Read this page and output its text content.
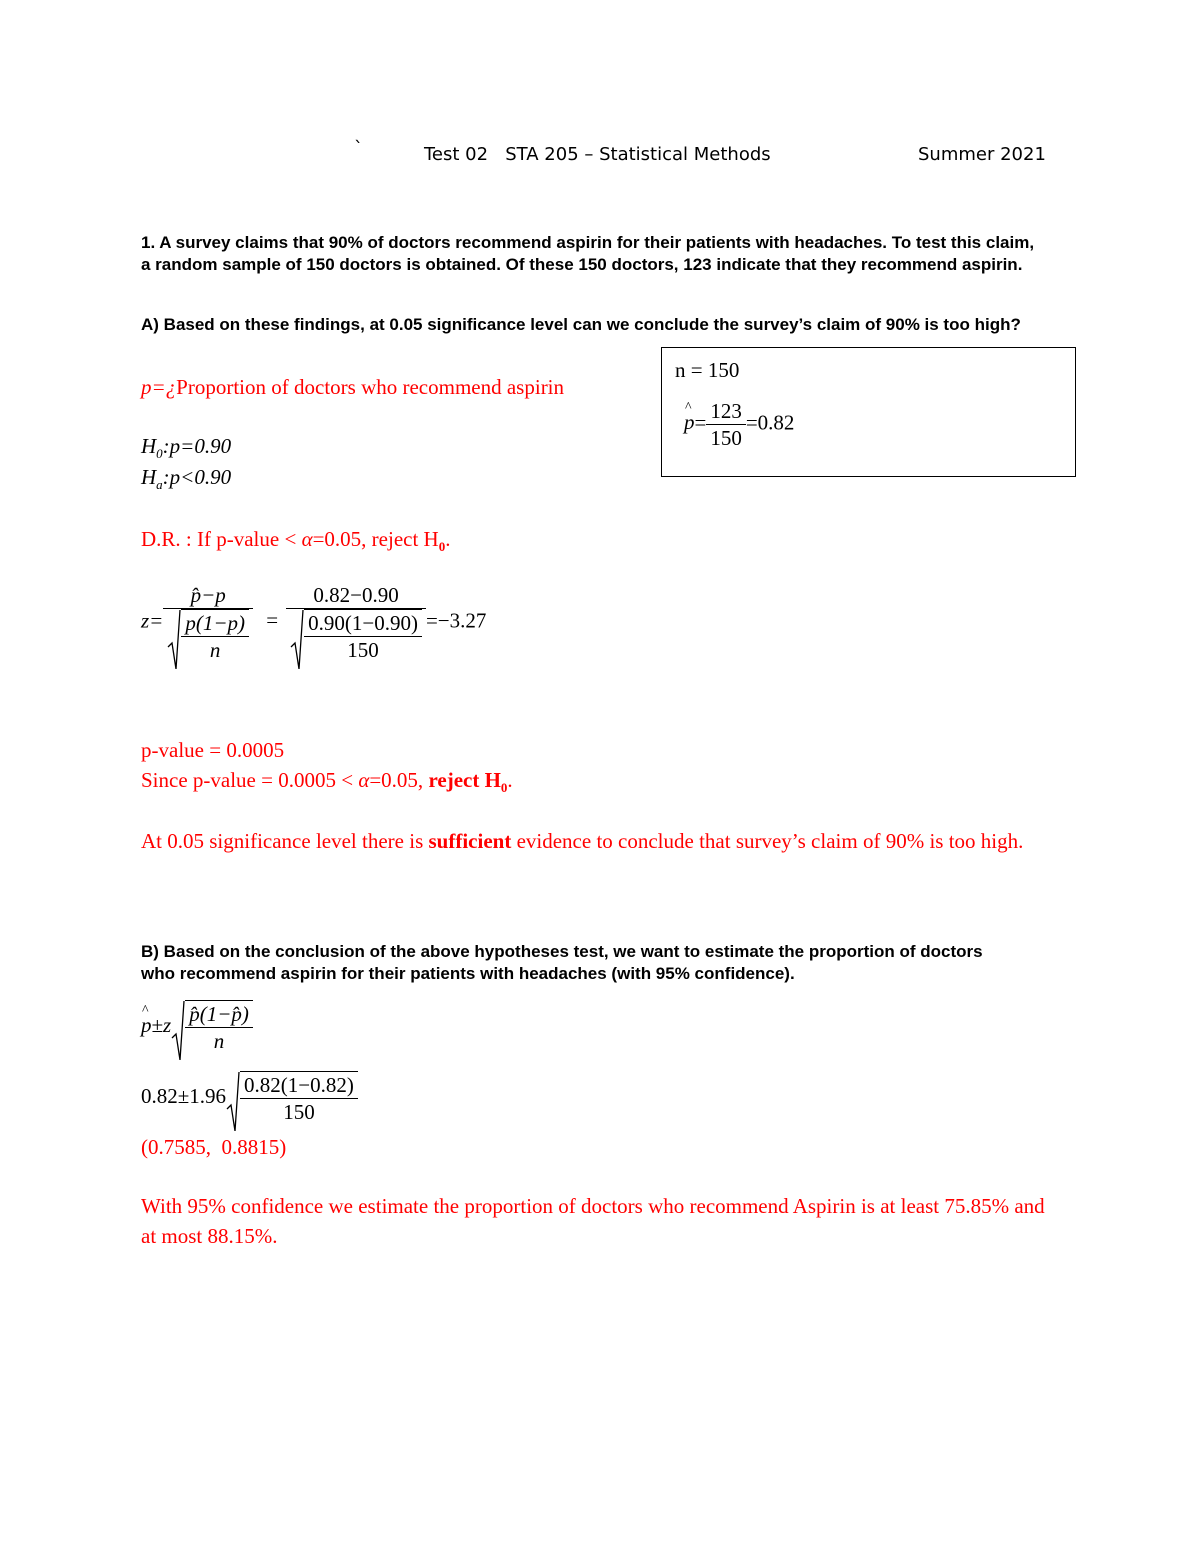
`	Test 02   STA 205 – Statistical Methods	Summer 2021
1. A survey claims that 90% of doctors recommend aspirin for their patients with headaches. To test this claim, a random sample of 150 doctors is obtained. Of these 150 doctors, 123 indicate that they recommend aspirin.
A) Based on these findings, at 0.05 significance level can we conclude the survey’s claim of 90% is too high?
p=¿Proportion of doctors who recommend aspirin
$H_0:p=0.90$
$H_a:p<0.90$
n = 150
^ $p= \frac{123}{150} =0.82$
D.R. : If p-value < α=0.05, reject $H_0$.
$z= \frac{p̂-p}{\frac{p(1-p)}{n}} = \frac{0.82-0.90}{\frac{0.90(1-0.90)}{150}} =-3.27$
p-value = 0.0005
Since p-value = 0.0005 < α=0.05, reject $H_0$.
At 0.05 significance level there is sufficient evidence to conclude that survey’s claim of 90% is too high.
B) Based on the conclusion of the above hypotheses test, we want to estimate the proportion of doctors who recommend aspirin for their patients with headaches (with 95% confidence).
^ $p\pm z \frac{p̂(1-p̂)}{n}$
$0.82\pm 1.96 \frac{0.82(1-0.82)}{150}$
(0.7585,  0.8815)
With 95% confidence we estimate the proportion of doctors who recommend Aspirin is at least 75.85% and at most 88.15%.
